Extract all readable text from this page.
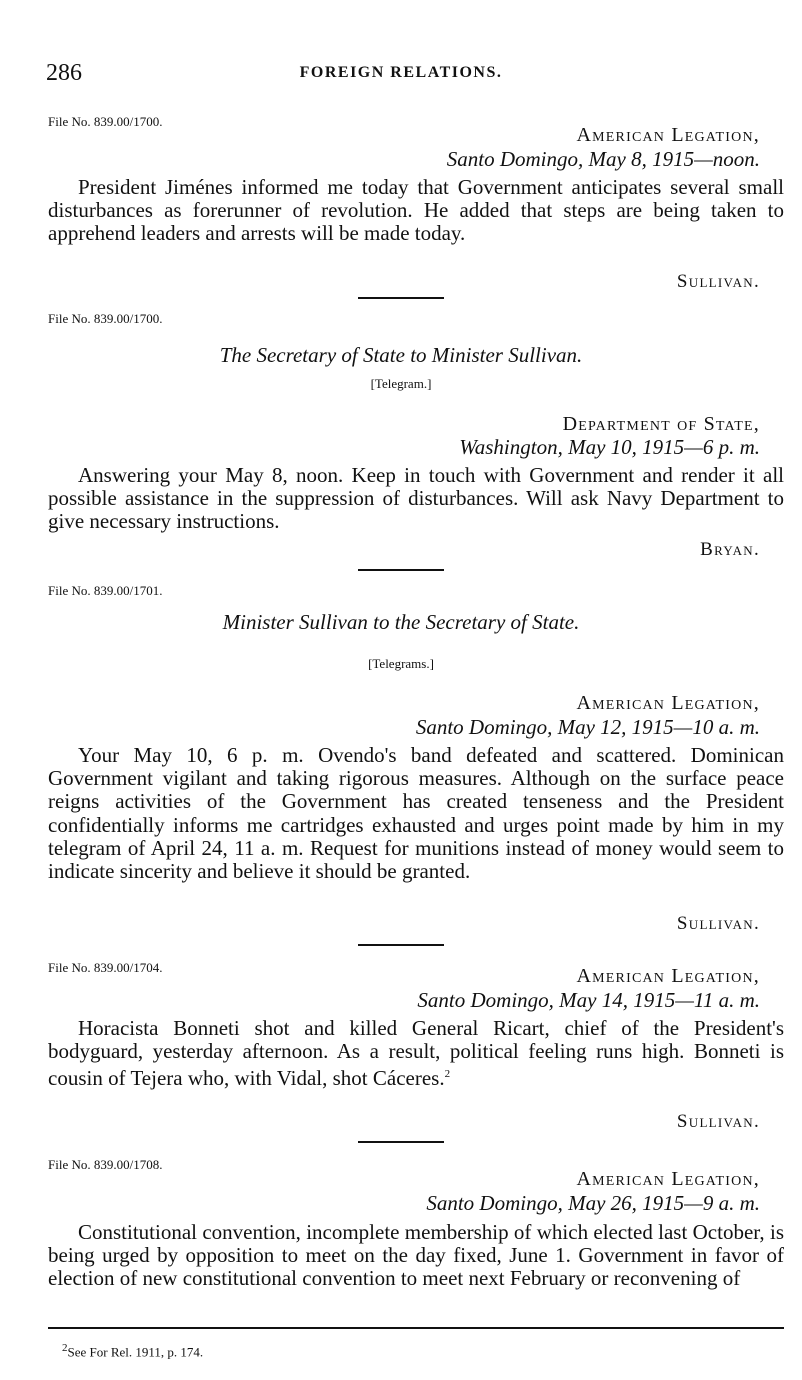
286	FOREIGN RELATIONS.
File No. 839.00/1700.
American Legation,
Santo Domingo, May 8, 1915—noon.
President Jiménes informed me today that Government anticipates several small disturbances as forerunner of revolution. He added that steps are being taken to apprehend leaders and arrests will be made today.
Sullivan.
File No. 839.00/1700.
The Secretary of State to Minister Sullivan.
[Telegram.]
Department of State,
Washington, May 10, 1915—6 p. m.
Answering your May 8, noon. Keep in touch with Government and render it all possible assistance in the suppression of disturbances. Will ask Navy Department to give necessary instructions.
Bryan.
File No. 839.00/1701.
Minister Sullivan to the Secretary of State.
[Telegrams.]
American Legation,
Santo Domingo, May 12, 1915—10 a. m.
Your May 10, 6 p. m. Ovendo's band defeated and scattered. Dominican Government vigilant and taking rigorous measures. Although on the surface peace reigns activities of the Government has created tenseness and the President confidentially informs me cartridges exhausted and urges point made by him in my telegram of April 24, 11 a. m. Request for munitions instead of money would seem to indicate sincerity and believe it should be granted.
Sullivan.
File No. 839.00/1704.	American Legation,
Santo Domingo, May 14, 1915—11 a. m.
Horacista Bonneti shot and killed General Ricart, chief of the President's bodyguard, yesterday afternoon. As a result, political feeling runs high. Bonneti is cousin of Tejera who, with Vidal, shot Cáceres.$^2$
Sullivan.
File No. 839.00/1708.
American Legation,
Santo Domingo, May 26, 1915—9 a. m.
Constitutional convention, incomplete membership of which elected last October, is being urged by opposition to meet on the day fixed, June 1. Government in favor of election of new constitutional convention to meet next February or reconvening of
$^2$See For Rel. 1911, p. 174.
